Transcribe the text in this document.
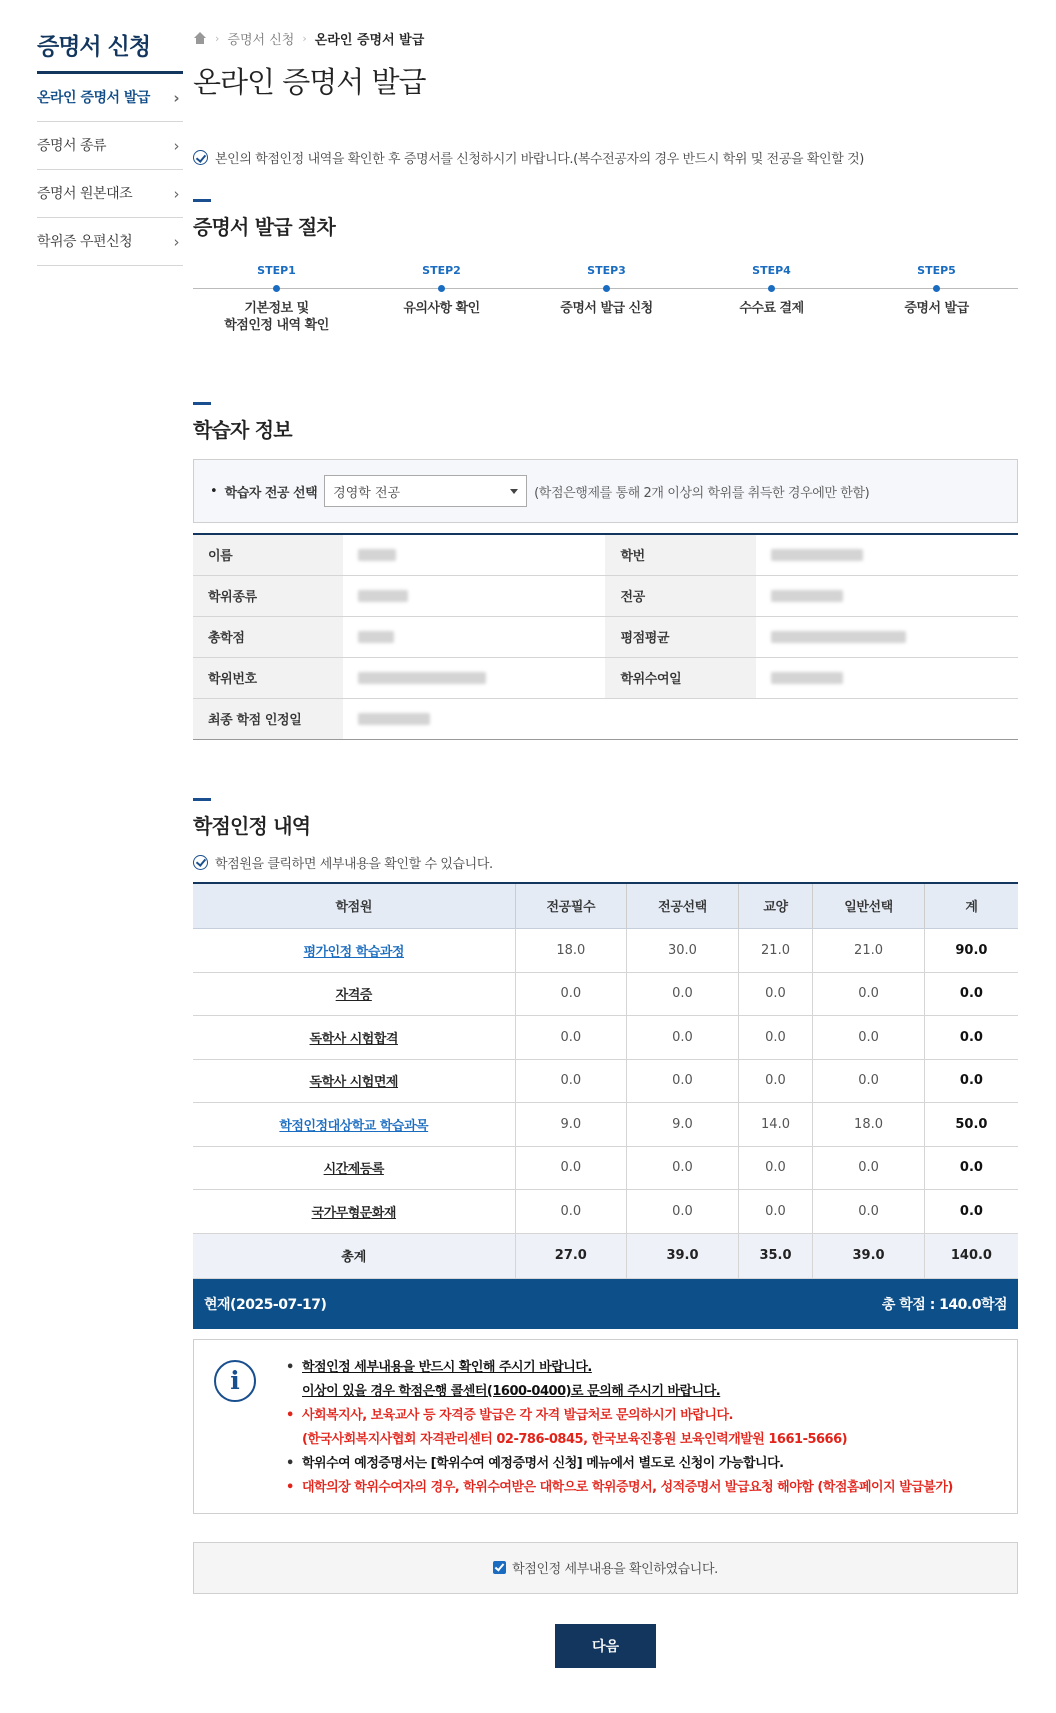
증명서 신청
온라인 증명서 발급 ›
증명서 종류	›
증명서 원본대조	›
학위증 우편신청	›
› 증명서 신청 › 온라인 증명서 발급
온라인 증명서 발급
본인의 학점인정 내역을 확인한 후 증명서를 신청하시기 바랍니다.(복수전공자의 경우 반드시 학위 및 전공을 확인할 것)
증명서 발급 절차
STEP1
기본정보 및
학점인정 내역 확인
STEP2
유의사항 확인
STEP3
증명서 발급 신청
STEP4
수수료 결제
STEP5
증명서 발급
학습자 정보
• 학습자 전공 선택 경영학 전공	(학점은행제를 통해 2개 이상의 학위를 취득한 경우에만 한함)
이름		학번	
학위종류		전공	
총학점		평점평균	
학위번호		학위수여일	
최종 학점 인정일			
학점인정 내역
학점원을 클릭하면 세부내용을 확인할 수 있습니다.
학점원	전공필수	전공선택	교양	일반선택	계
평가인정 학습과정	18.0	30.0	21.0	21.0	90.0
자격증	0.0	0.0	0.0	0.0	0.0
독학사 시험합격	0.0	0.0	0.0	0.0	0.0
독학사 시험면제	0.0	0.0	0.0	0.0	0.0
학점인정대상학교 학습과목	9.0	9.0	14.0	18.0	50.0
시간제등록	0.0	0.0	0.0	0.0	0.0
국가무형문화재	0.0	0.0	0.0	0.0	0.0
총계	27.0	39.0	35.0	39.0	140.0
현재(2025-07-17)	총 학점 : 140.0학점
i	• 학점인정 세부내용을 반드시 확인해 주시기 바랍니다.
이상이 있을 경우 학점은행 콜센터(1600-0400)로 문의해 주시기 바랍니다.
• 사회복지사, 보육교사 등 자격증 발급은 각 자격 발급처로 문의하시기 바랍니다.
(한국사회복지사협회 자격관리센터 02-786-0845, 한국보육진흥원 보육인력개발원 1661-5666)
• 학위수여 예정증명서는 [학위수여 예정증명서 신청] 메뉴에서 별도로 신청이 가능합니다.
• 대학의장 학위수여자의 경우, 학위수여받은 대학으로 학위증명서, 성적증명서 발급요청 해야함 (학점홈페이지 발급불가)
학점인정 세부내용을 확인하였습니다.
다음
